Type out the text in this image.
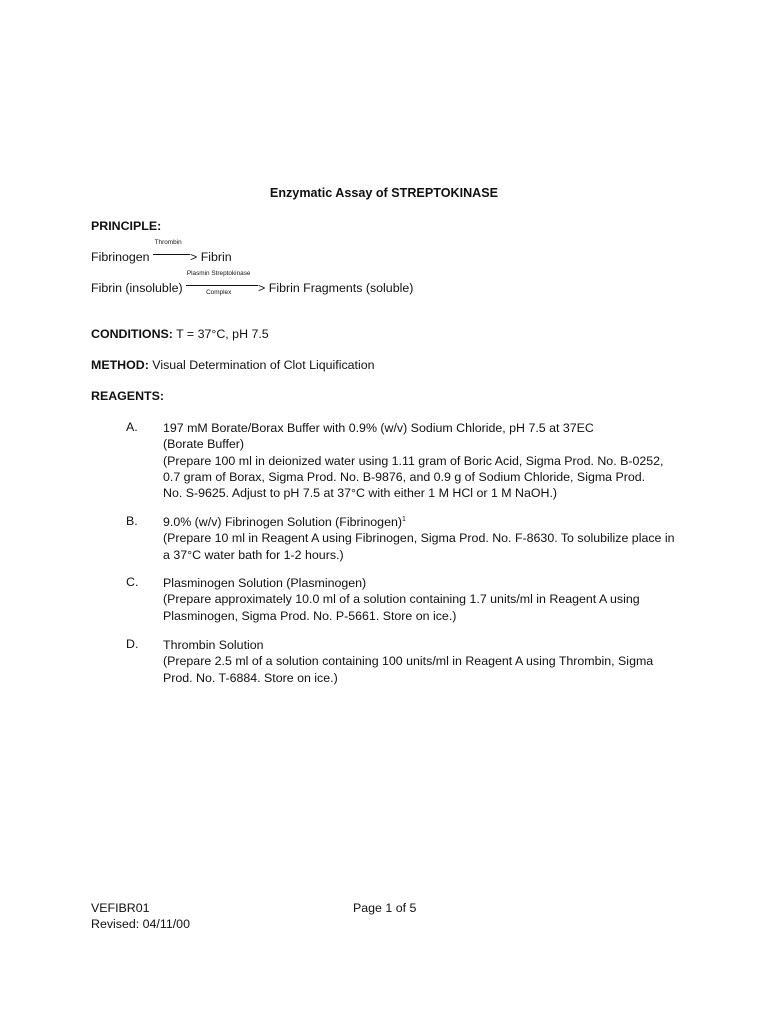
Enzymatic Assay of STREPTOKINASE
PRINCIPLE:
Fibrinogen
Thrombin
> Fibrin
Fibrin (insoluble)
Plasmin Streptokinase
>
Complex	Fibrin Fragments (soluble)
CONDITIONS: T = 37°C, pH 7.5
METHOD: Visual Determination of Clot Liquification
REAGENTS:
A. 197 mM Borate/Borax Buffer with 0.9% (w/v) Sodium Chloride, pH 7.5 at 37EC
(Borate Buffer)
(Prepare 100 ml in deionized water using 1.11 gram of Boric Acid, Sigma Prod. No. B-0252,
0.7 gram of Borax, Sigma Prod. No. B-9876, and 0.9 g of Sodium Chloride, Sigma Prod.
No. S-9625. Adjust to pH 7.5 at 37°C with either 1 M HCl or 1 M NaOH.)
B. 9.0% (w/v) Fibrinogen Solution (Fibrinogen)$^1$
(Prepare 10 ml in Reagent A using Fibrinogen, Sigma Prod. No. F-8630. To solubilize place in
a 37°C water bath for 1-2 hours.)
C. Plasminogen Solution (Plasminogen)
(Prepare approximately 10.0 ml of a solution containing 1.7 units/ml in Reagent A using
Plasminogen, Sigma Prod. No. P-5661. Store on ice.)
D. Thrombin Solution
(Prepare 2.5 ml of a solution containing 100 units/ml in Reagent A using Thrombin, Sigma
Prod. No. T-6884. Store on ice.)
VEFIBR01
Revised: 04/11/00
Page 1 of 5
